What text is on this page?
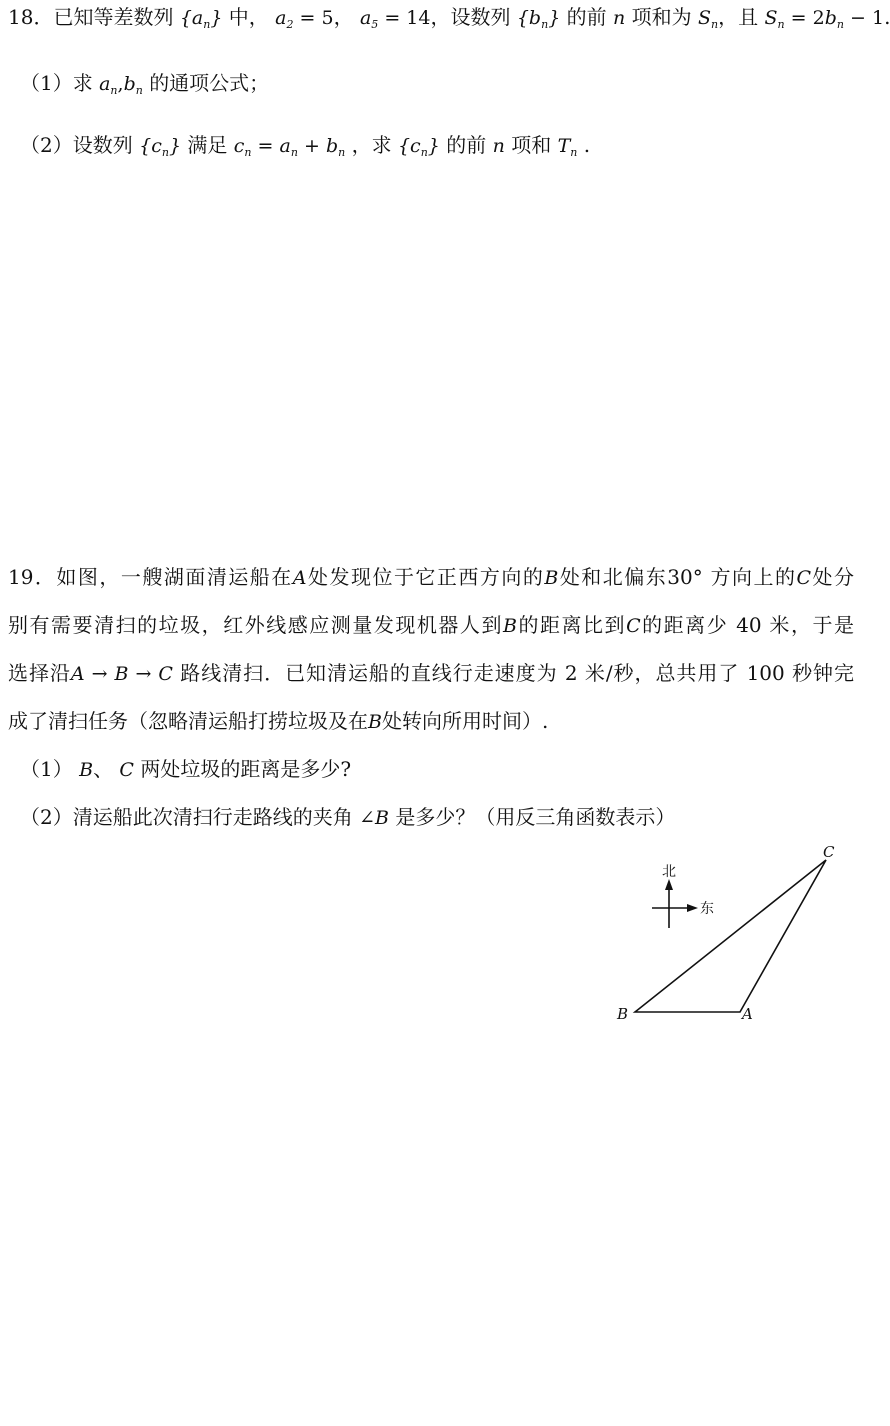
18．已知等差数列 $\{a_n\}$ 中， $a_2 = 5$， $a_5 = 14$，设数列 $\{b_n\}$ 的前 n 项和为 $S_n$，且 $S_n = 2b_n - 1$.
（1）求 $a_n,b_n$ 的通项公式；
（2）设数列 $\{c_n\}$ 满足 $c_n = a_n + b_n$ ，求 $\{c_n\}$ 的前 n 项和 $T_n$ .
19．如图，一艘湖面清运船在A处发现位于它正西方向的B处和北偏东30° 方向上的C处分
别有需要清扫的垃圾，红外线感应测量发现机器人到B的距离比到C的距离少 40 米，于是
选择沿A → B → C 路线清扫．已知清运船的直线行走速度为 2 米/秒，总共用了 100 秒钟完
成了清扫任务（忽略清运船打捞垃圾及在B处转向所用时间）.
（1） B、 C 两处垃圾的距离是多少?
（2）清运船此次清扫行走路线的夹角 ∠B 是多少？（用反三角函数表示）
北
东
B	A
C
